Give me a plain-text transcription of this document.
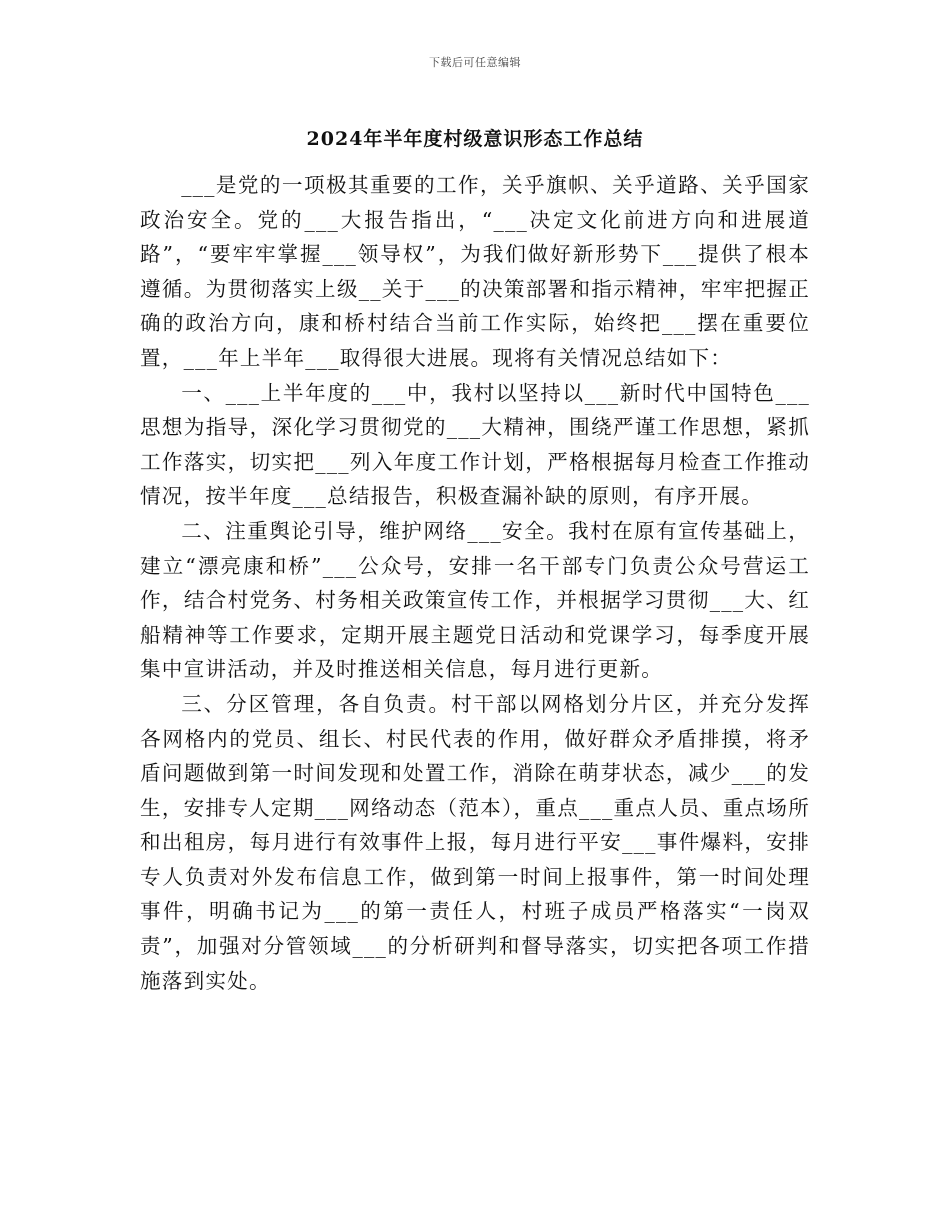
下载后可任意编辑
2024年半年度村级意识形态工作总结

___是党的一项极其重要的工作，关乎旗帜、关乎道路、关乎国家政治安全。党的___大报告指出，“___决定文化前进方向和进展道路”，“要牢牢掌握___领导权”，为我们做好新形势下___提供了根本遵循。为贯彻落实上级__关于___的决策部署和指示精神，牢牢把握正确的政治方向，康和桥村结合当前工作实际，始终把___摆在重要位置，___年上半年___取得很大进展。现将有关情况总结如下：

一、___上半年度的___中，我村以坚持以___新时代中国特色___思想为指导，深化学习贯彻党的___大精神，围绕严谨工作思想，紧抓工作落实，切实把___列入年度工作计划，严格根据每月检查工作推动情况，按半年度___总结报告，积极查漏补缺的原则，有序开展。

二、注重舆论引导，维护网络___安全。我村在原有宣传基础上，建立“漂亮康和桥”___公众号，安排一名干部专门负责公众号营运工作，结合村党务、村务相关政策宣传工作，并根据学习贯彻___大、红船精神等工作要求，定期开展主题党日活动和党课学习，每季度开展集中宣讲活动，并及时推送相关信息，每月进行更新。

三、分区管理，各自负责。村干部以网格划分片区，并充分发挥各网格内的党员、组长、村民代表的作用，做好群众矛盾排摸，将矛盾问题做到第一时间发现和处置工作，消除在萌芽状态，减少___的发生，安排专人定期___网络动态（范本），重点___重点人员、重点场所和出租房，每月进行有效事件上报，每月进行平安___事件爆料，安排专人负责对外发布信息工作，做到第一时间上报事件，第一时间处理事件，明确书记为___的第一责任人，村班子成员严格落实“一岗双责”，加强对分管领域___的分析研判和督导落实，切实把各项工作措施落到实处。
